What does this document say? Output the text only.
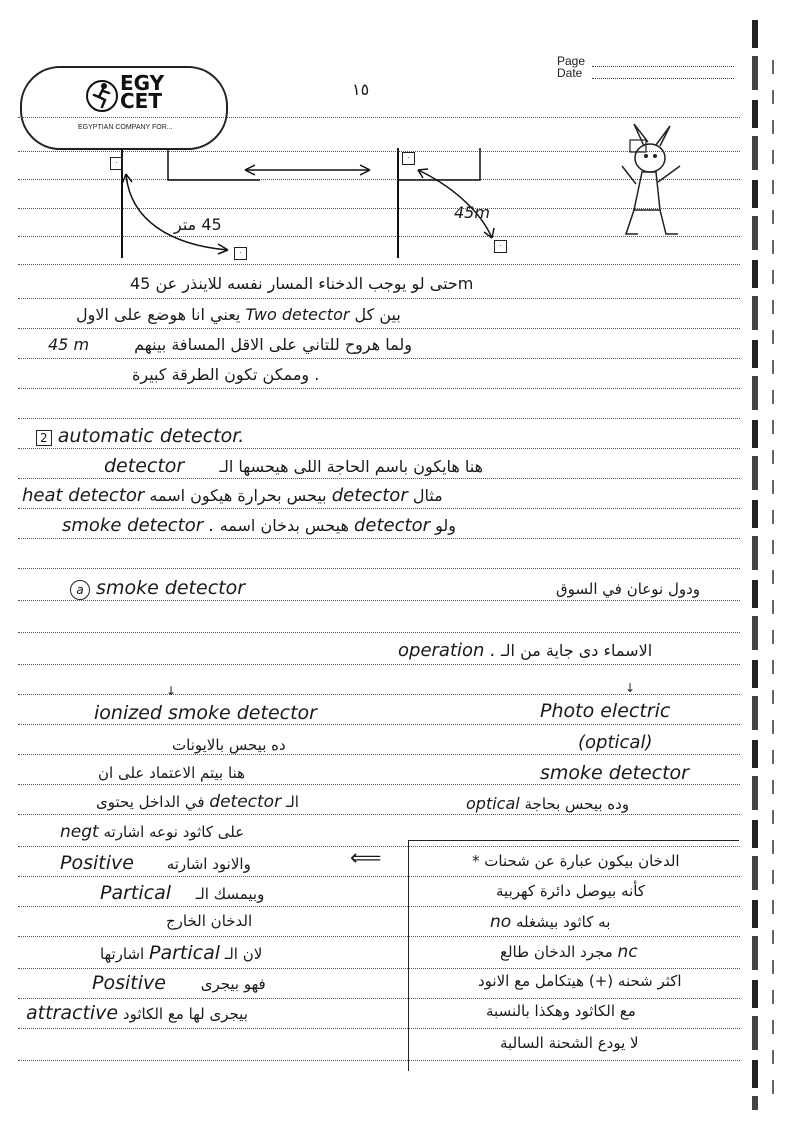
Page
Date
١٥
EGY
CET
EGYPTIAN COMPANY FOR...
·
·
·
·
45 متر
45m
حتى لو يوجب الدخناء المسار نفسه للاينذر عن 45m
يعني انا هوضع على الاول Two detector بين كل
45 m	ولما هروح للتاني على الاقل المسافة بينهم
وممكن تكون الطرقة كبيرة .
2 automatic detector.
detector هنا هايكون باسم الحاجة اللى هيحسها الـ
heat detector بيحس بحرارة هيكون اسمه detector مثال
smoke detector . هيحس بدخان اسمه detector ولو
a smoke detector	ودول نوعان في السوق
operation . الاسماء دى جاية من الـ
↓	↓
ionized smoke detector	Photo electric
(optical)
smoke detector
ده بيحس بالايونات
هنا بيتم الاعتماد على ان
في الداخل يحتوى detector الـ	optical وده بيحس بحاجة
negt على كاثود نوعه اشارته
⟸
Positive والانود اشارته
Partical وبيمسك الـ
الدخان الخارج
اشارتها Partical لان الـ
Positive فهو بيجرى
attractive بيجرى لها مع الكاثود
* الدخان بيكون عبارة عن شحنات
كأنه بيوصل دائرة كهربية
no به كاثود بيشغله
مجرد الدخان طالع nc
اكثر شحنه (+) هيتكامل مع الانود
مع الكاثود وهكذا بالنسبة
لا يودع الشحنة السالبة
